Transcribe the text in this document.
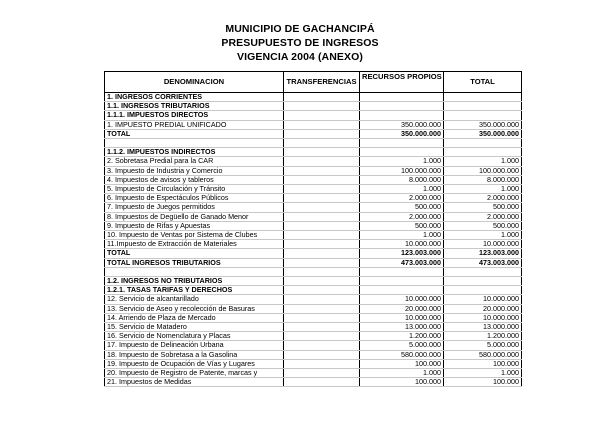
MUNICIPIO DE GACHANCIPÁ
PRESUPUESTO DE INGRESOS
VIGENCIA 2004 (ANEXO)
DENOMINACION	TRANSFERENCIAS	RECURSOS PROPIOS	TOTAL
1. INGRESOS CORRIENTES			
1.1. INGRESOS TRIBUTARIOS			
1.1.1. IMPUESTOS DIRECTOS			
1. IMPUESTO PREDIAL UNIFICADO		350.000.000	350.000.000
TOTAL		350.000.000	350.000.000

1.1.2. IMPUESTOS INDIRECTOS			
2. Sobretasa Predial para la CAR		1.000	1.000
3. Impuesto de Industria y Comercio		100.000.000	100.000.000
4. Impuestos de avisos y tableros		8.000.000	8.000.000
5. Impuesto de Circulación y Tránsito		1.000	1.000
6. Impuesto de Espectáculos Públicos		2.000.000	2.000.000
7. Impuesto de Juegos permitidos		500.000	500.000
8. Impuestos de Degüello de Ganado Menor		2.000.000	2.000.000
9. Impuesto de Rifas y Apuestas		500.000	500.000
10. Impuesto de Ventas por Sistema de Clubes		1.000	1.000
11.Impuesto de Extracción de Materiales		10.000.000	10.000.000
TOTAL		123.003.000	123.003.000
TOTAL INGRESOS TRIBUTARIOS		473.003.000	473.003.000

1.2. INGRESOS NO TRIBUTARIOS			
1.2.1. TASAS TARIFAS Y DERECHOS			
12. Servicio de alcantarillado		10.000.000	10.000.000
13. Servicio de Aseo y recolección de Basuras		20.000.000	20.000.000
14. Arriendo de Plaza de Mercado		10.000.000	10.000.000
15. Servicio de Matadero		13.000.000	13.000.000
16. Servicio de Nomenclatura y Placas		1.200.000	1.200.000
17. Impuesto de Delineación Urbana		5.000.000	5.000.000
18. Impuesto de Sobretasa a la Gasolina		580.000.000	580.000.000
19. Impuesto de Ocupación de Vías y Lugares		100.000	100.000
20. Impuesto de Registro de Patente, marcas y		1.000	1.000
21. Impuestos de Medidas		100.000	100.000
